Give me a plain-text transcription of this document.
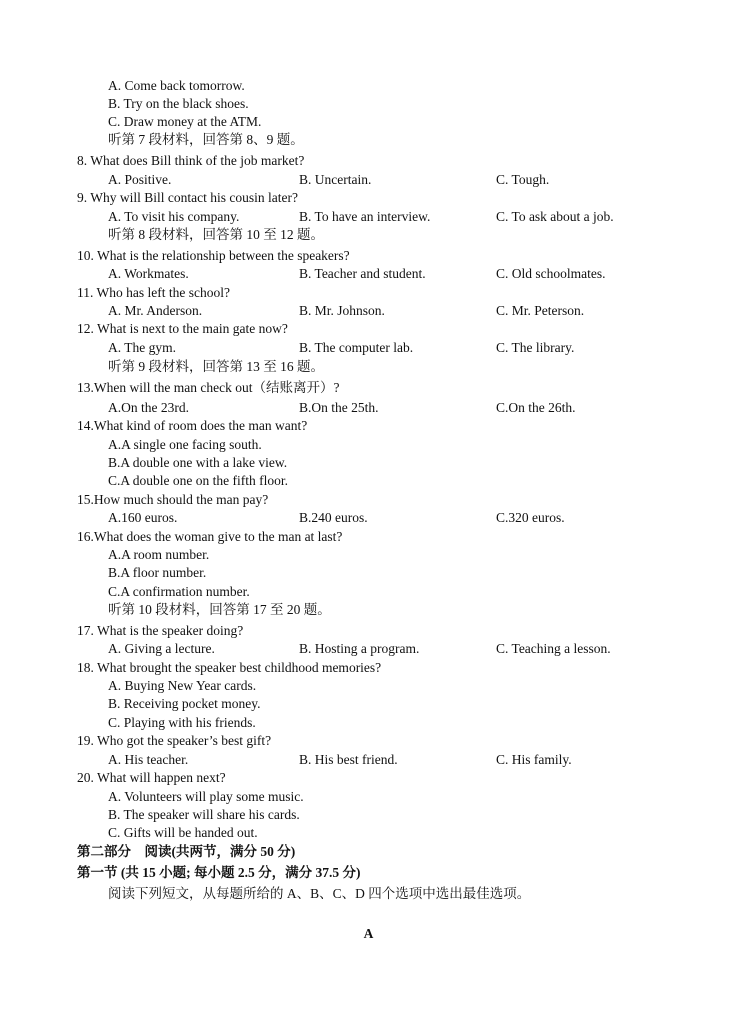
A. Come back tomorrow.
B. Try on the black shoes.
C. Draw money at the ATM.
听第 7 段材料，回答第 8、9 题。
8. What does Bill think of the job market?
A. Positive.	B. Uncertain.	C. Tough.
9. Why will Bill contact his cousin later?
A. To visit his company.	B. To have an interview.	C. To ask about a job.
听第 8 段材料，回答第 10 至 12 题。
10. What is the relationship between the speakers?
A. Workmates.	B. Teacher and student.	C. Old schoolmates.
11. Who has left the school?
A. Mr. Anderson.	B. Mr. Johnson.	C. Mr. Peterson.
12. What is next to the main gate now?
A. The gym.	B. The computer lab.	C. The library.
听第 9 段材料，回答第 13 至 16 题。
13.When will the man check out（结账离开）?
A.On the 23rd.	B.On the 25th.	C.On the 26th.
14.What kind of room does the man want?
A.A single one facing south.
B.A double one with a lake view.
C.A double one on the fifth floor.
15.How much should the man pay?
A.160 euros.	B.240 euros.	C.320 euros.
16.What does the woman give to the man at last?
A.A room number.
B.A floor number.
C.A confirmation number.
听第 10 段材料，回答第 17 至 20 题。
17. What is the speaker doing?
A. Giving a lecture.	B. Hosting a program.	C. Teaching a lesson.
18. What brought the speaker best childhood memories?
A. Buying New Year cards.
B. Receiving pocket money.
C. Playing with his friends.
19. Who got the speaker’s best gift?
A. His teacher.	B. His best friend.	C. His family.
20. What will happen next?
A. Volunteers will play some music.
B. The speaker will share his cards.
C. Gifts will be handed out.
第二部分　阅读(共两节，满分 50 分)
第一节 (共 15 小题; 每小题 2.5 分，满分 37.5 分)
阅读下列短文，从每题所给的 A、B、C、D 四个选项中选出最佳选项。
A
